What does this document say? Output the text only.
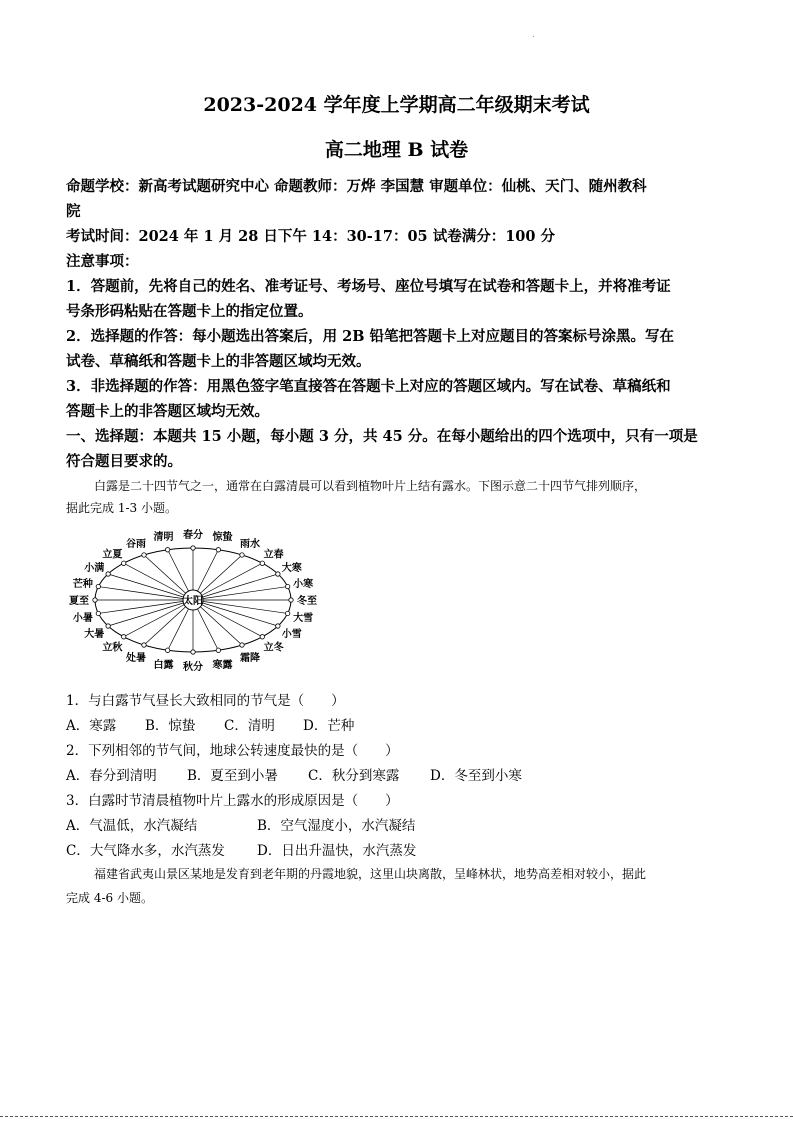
2023-2024 学年度上学期高二年级期末考试
高二地理 B 试卷
命题学校：新高考试题研究中心 命题教师：万烨 李国慧 审题单位：仙桃、天门、随州教科
院
考试时间：2024 年 1 月 28 日下午 14：30-17：05 试卷满分：100 分
注意事项：
1．答题前，先将自己的姓名、准考证号、考场号、座位号填写在试卷和答题卡上，并将准考证
号条形码粘贴在答题卡上的指定位置。
2．选择题的作答：每小题选出答案后，用 2B 铅笔把答题卡上对应题目的答案标号涂黑。写在
试卷、草稿纸和答题卡上的非答题区域均无效。
3．非选择题的作答：用黑色签字笔直接答在答题卡上对应的答题区域内。写在试卷、草稿纸和
答题卡上的非答题区域均无效。
一、选择题：本题共 15 小题，每小题 3 分，共 45 分。在每小题给出的四个选项中，只有一项是
符合题目要求的。
白露是二十四节气之一，通常在白露清晨可以看到植物叶片上结有露水。下图示意二十四节气排列顺序，
据此完成 1-3 小题。
太阳
春分 惊蛰
雨水
立春
大寒
小寒
冬至
大雪
小雪
立冬
霜降
寒露
秋分
白露
处暑
立秋
大暑
小暑
夏至
芒种
小满
立夏
谷雨
清明
1．与白露节气昼长大致相同的节气是（　　）
A．寒露 B．惊蛰 C．清明 D．芒种
2．下列相邻的节气间，地球公转速度最快的是（　　）
A．春分到清明 B．夏至到小暑 C．秋分到寒露 D．冬至到小寒
3．白露时节清晨植物叶片上露水的形成原因是（　　）
A．气温低，水汽凝结	B．空气湿度小，水汽凝结
C．大气降水多，水汽蒸发 D．日出升温快，水汽蒸发
福建省武夷山景区某地是发育到老年期的丹霞地貌，这里山块离散，呈峰林状，地势高差相对较小，据此
完成 4-6 小题。
